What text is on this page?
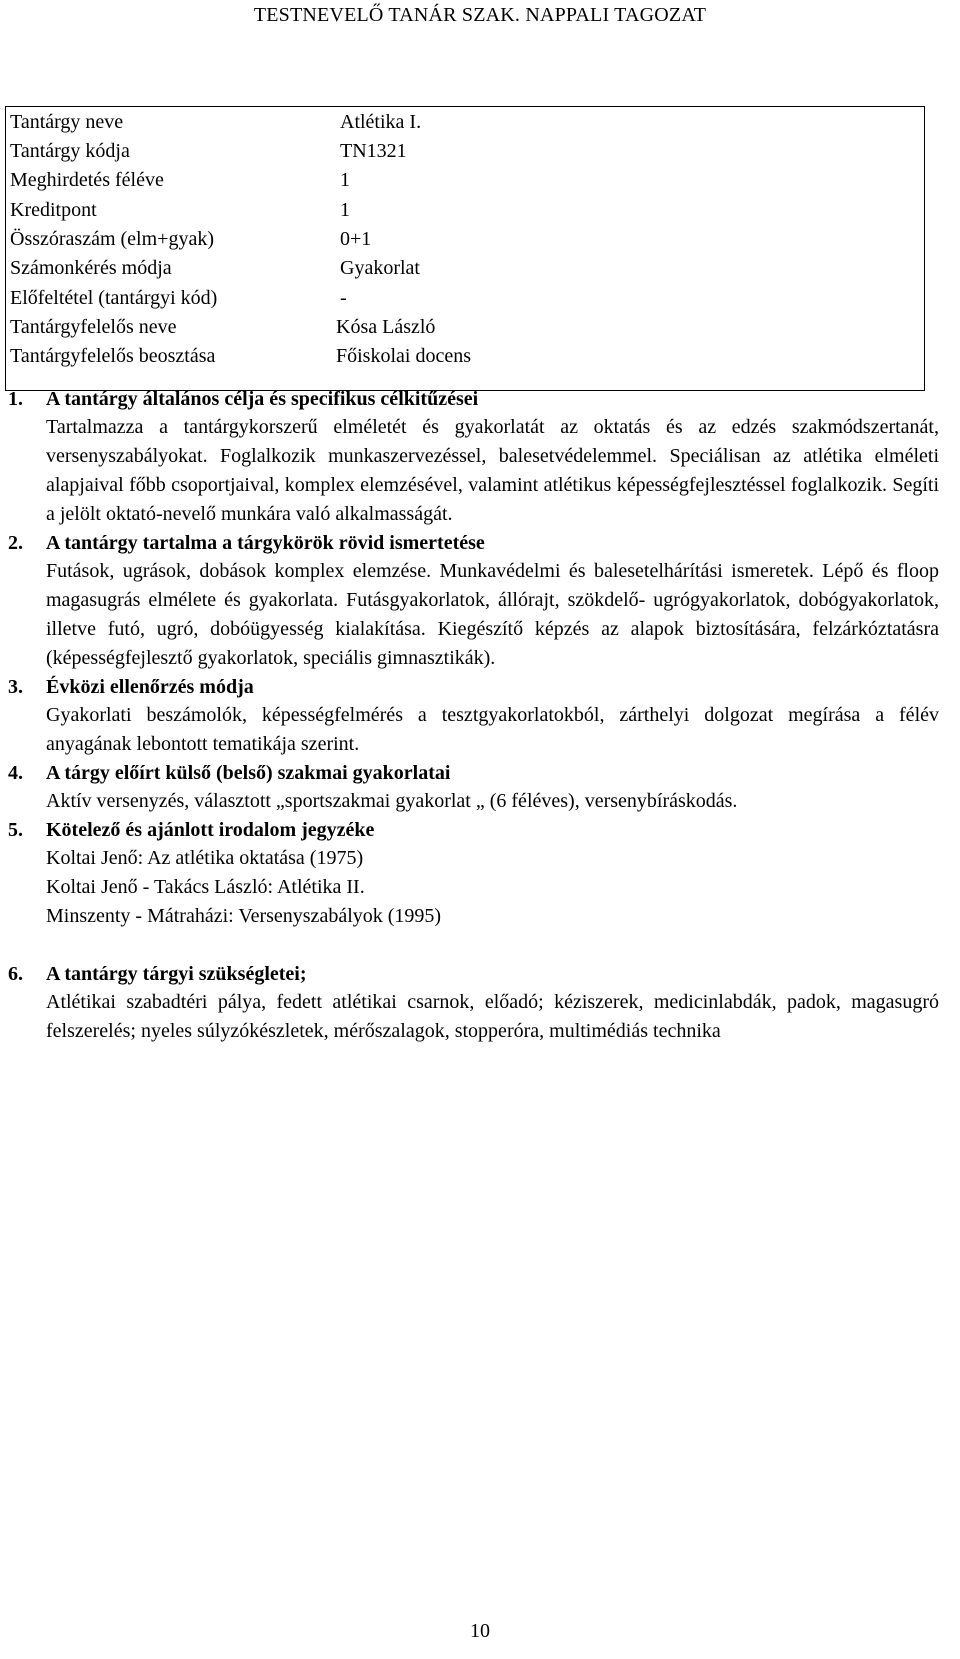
TESTNEVELŐ TANÁR SZAK. NAPPALI TAGOZAT
Tantárgy neve	Atlétika I.
Tantárgy kódja	TN1321
Meghirdetés féléve	1
Kreditpont	1
Összóraszám (elm+gyak)	0+1
Számonkérés módja	Gyakorlat
Előfeltétel (tantárgyi kód)	-
Tantárgyfelelős neve	Kósa László
Tantárgyfelelős beosztása	Főiskolai docens
1. A tantárgy általános célja és specifikus célkitűzései
Tartalmazza a tantárgykorszerű elméletét és gyakorlatát az oktatás és az edzés szakmódszertanát, versenyszabályokat. Foglalkozik munkaszervezéssel, balesetvédelemmel. Speciálisan az atlétika elméleti alapjaival főbb csoportjaival, komplex elemzésével, valamint atlétikus képességfejlesztéssel foglalkozik. Segíti a jelölt oktató-nevelő munkára való alkalmasságát.
2. A tantárgy tartalma a tárgykörök rövid ismertetése
Futások, ugrások, dobások komplex elemzése. Munkavédelmi és balesetelhárítási ismeretek. Lépő és floop magasugrás elmélete és gyakorlata. Futásgyakorlatok, állórajt, szökdelő- ugrógyakorlatok, dobógyakorlatok, illetve futó, ugró, dobóügyesség kialakítása. Kiegészítő képzés az alapok biztosítására, felzárkóztatásra (képességfejlesztő gyakorlatok, speciális gimnasztikák).
3. Évközi ellenőrzés módja
Gyakorlati beszámolók, képességfelmérés a tesztgyakorlatokból, zárthelyi dolgozat megírása a félév anyagának lebontott tematikája szerint.
4. A tárgy előírt külső (belső) szakmai gyakorlatai
Aktív versenyzés, választott „sportszakmai gyakorlat „ (6 féléves), versenybíráskodás.
5. Kötelező és ajánlott irodalom jegyzéke
Koltai Jenő: Az atlétika oktatása (1975)
Koltai Jenő - Takács László: Atlétika II.
Minszenty - Mátraházi: Versenyszabályok (1995)
6. A tantárgy tárgyi szükségletei;
Atlétikai szabadtéri pálya, fedett atlétikai csarnok, előadó; kéziszerek, medicinlabdák, padok, magasugró felszerelés; nyeles súlyzókészletek, mérőszalagok, stopperóra, multimédiás technika
10
